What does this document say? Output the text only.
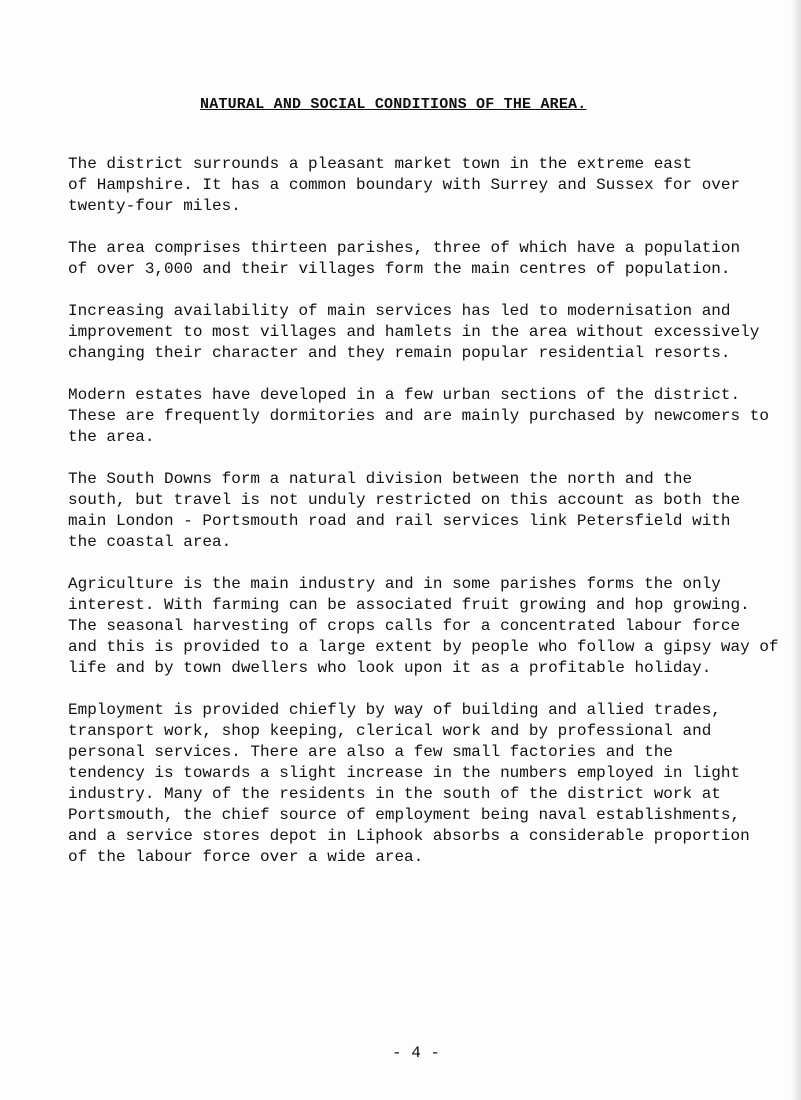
NATURAL AND SOCIAL CONDITIONS OF THE AREA.

The district surrounds a pleasant market town in the extreme east
of Hampshire. It has a common boundary with Surrey and Sussex for over
twenty-four miles.

The area comprises thirteen parishes, three of which have a population
of over 3,000 and their villages form the main centres of population.

Increasing availability of main services has led to modernisation and
improvement to most villages and hamlets in the area without excessively
changing their character and they remain popular residential resorts.

Modern estates have developed in a few urban sections of the district.
These are frequently dormitories and are mainly purchased by newcomers to
the area.

The South Downs form a natural division between the north and the
south, but travel is not unduly restricted on this account as both the
main London - Portsmouth road and rail services link Petersfield with
the coastal area.

Agriculture is the main industry and in some parishes forms the only
interest. With farming can be associated fruit growing and hop growing.
The seasonal harvesting of crops calls for a concentrated labour force
and this is provided to a large extent by people who follow a gipsy way of
life and by town dwellers who look upon it as a profitable holiday.

Employment is provided chiefly by way of building and allied trades,
transport work, shop keeping, clerical work and by professional and
personal services. There are also a few small factories and the
tendency is towards a slight increase in the numbers employed in light
industry. Many of the residents in the south of the district work at
Portsmouth, the chief source of employment being naval establishments,
and a service stores depot in Liphook absorbs a considerable proportion
of the labour force over a wide area.

- 4 -
